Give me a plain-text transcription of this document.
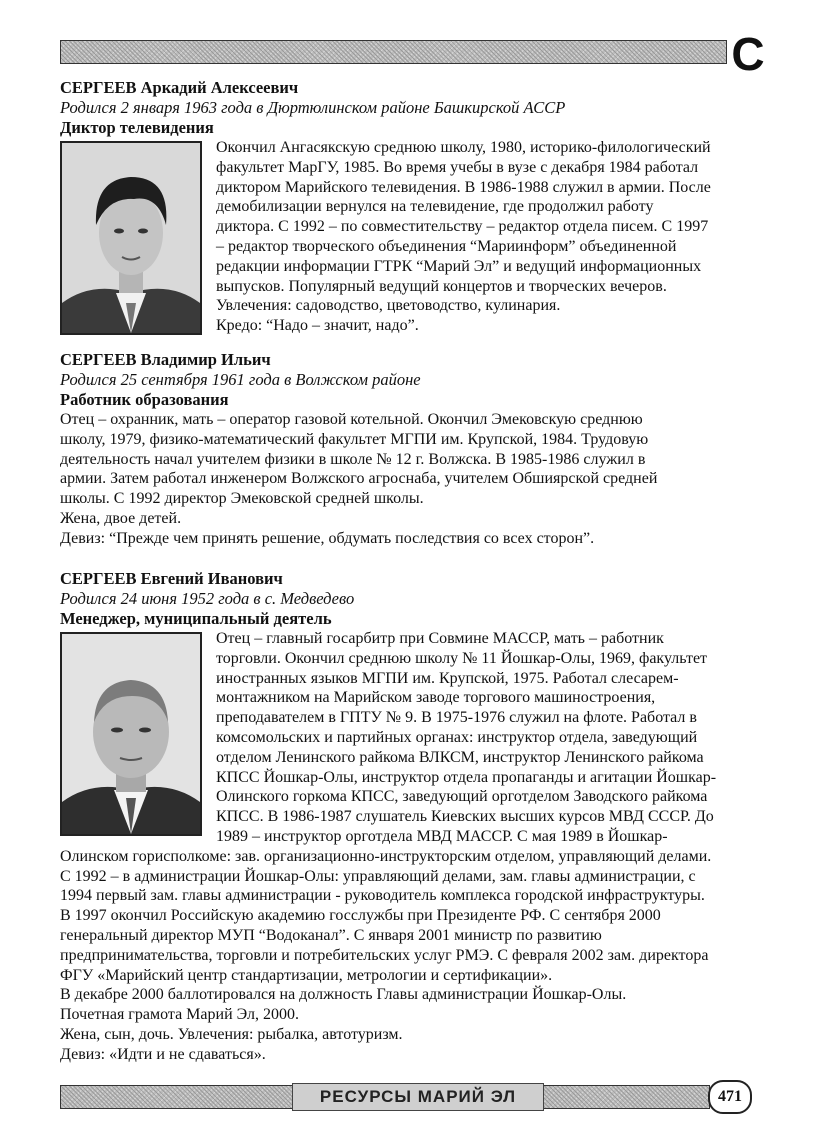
С
СЕРГЕЕВ Аркадий Алексеевич
Родился 2 января 1963 года в Дюртюлинском районе Башкирской АССР
Диктор телевидения
Окончил Ангасякскую среднюю школу, 1980, историко-филологический
факультет МарГУ, 1985. Во время учебы в вузе с декабря 1984 работал
диктором Марийского телевидения. В 1986-1988 служил в армии. После
демобилизации вернулся на телевидение, где продолжил работу
диктора. С 1992 – по совместительству – редактор отдела писем. С 1997
– редактор творческого объединения “Мариинформ” объединенной
редакции информации ГТРК “Марий Эл” и ведущий информационных
выпусков. Популярный ведущий концертов и творческих вечеров.
Увлечения: садоводство, цветоводство, кулинария.
Кредо: “Надо – значит, надо”.
СЕРГЕЕВ Владимир Ильич
Родился 25 сентября 1961 года в Волжском районе
Работник образования
Отец – охранник, мать – оператор газовой котельной. Окончил Эмековскую среднюю
школу, 1979, физико-математический факультет МГПИ им. Крупской, 1984. Трудовую
деятельность начал учителем физики в школе № 12 г. Волжска. В 1985-1986 служил в
армии. Затем работал инженером Волжского агроснаба, учителем Обшиярской средней
школы. С 1992 директор Эмековской средней школы.
Жена, двое детей.
Девиз: “Прежде чем принять решение, обдумать последствия со всех сторон”.
СЕРГЕЕВ Евгений Иванович
Родился 24 июня 1952 года в с. Медведево
Менеджер, муниципальный деятель
Отец – главный госарбитр при Совмине МАССР, мать – работник
торговли. Окончил среднюю школу № 11 Йошкар-Олы, 1969, факультет
иностранных языков МГПИ им. Крупской, 1975. Работал слесарем-
монтажником на Марийском заводе торгового машиностроения,
преподавателем в ГПТУ № 9. В 1975-1976 служил на флоте. Работал в
комсомольских и партийных органах: инструктор отдела, заведующий
отделом Ленинского райкома ВЛКСМ, инструктор Ленинского райкома
КПСС Йошкар-Олы, инструктор отдела пропаганды и агитации Йошкар-
Олинского горкома КПСС, заведующий орготделом Заводского райкома
КПСС. В 1986-1987 слушатель Киевских высших курсов МВД СССР. До
1989 – инструктор орготдела МВД МАССР. С мая 1989 в Йошкар-
Олинском горисполкоме: зав. организационно-инструкторским отделом, управляющий делами.
С 1992 – в администрации Йошкар-Олы: управляющий делами, зам. главы администрации, с
1994 первый зам. главы администрации - руководитель комплекса городской инфраструктуры.
В 1997 окончил Российскую академию госслужбы при Президенте РФ. С сентября 2000
генеральный директор МУП “Водоканал”. С января 2001 министр по развитию
предпринимательства, торговли и потребительских услуг РМЭ. С февраля 2002 зам. директора
ФГУ «Марийский центр стандартизации, метрологии и сертификации».
В декабре 2000 баллотировался на должность Главы администрации Йошкар-Олы.
Почетная грамота Марий Эл, 2000.
Жена, сын, дочь. Увлечения: рыбалка, автотуризм.
Девиз: «Идти и не сдаваться».
РЕСУРСЫ МАРИЙ ЭЛ	471
